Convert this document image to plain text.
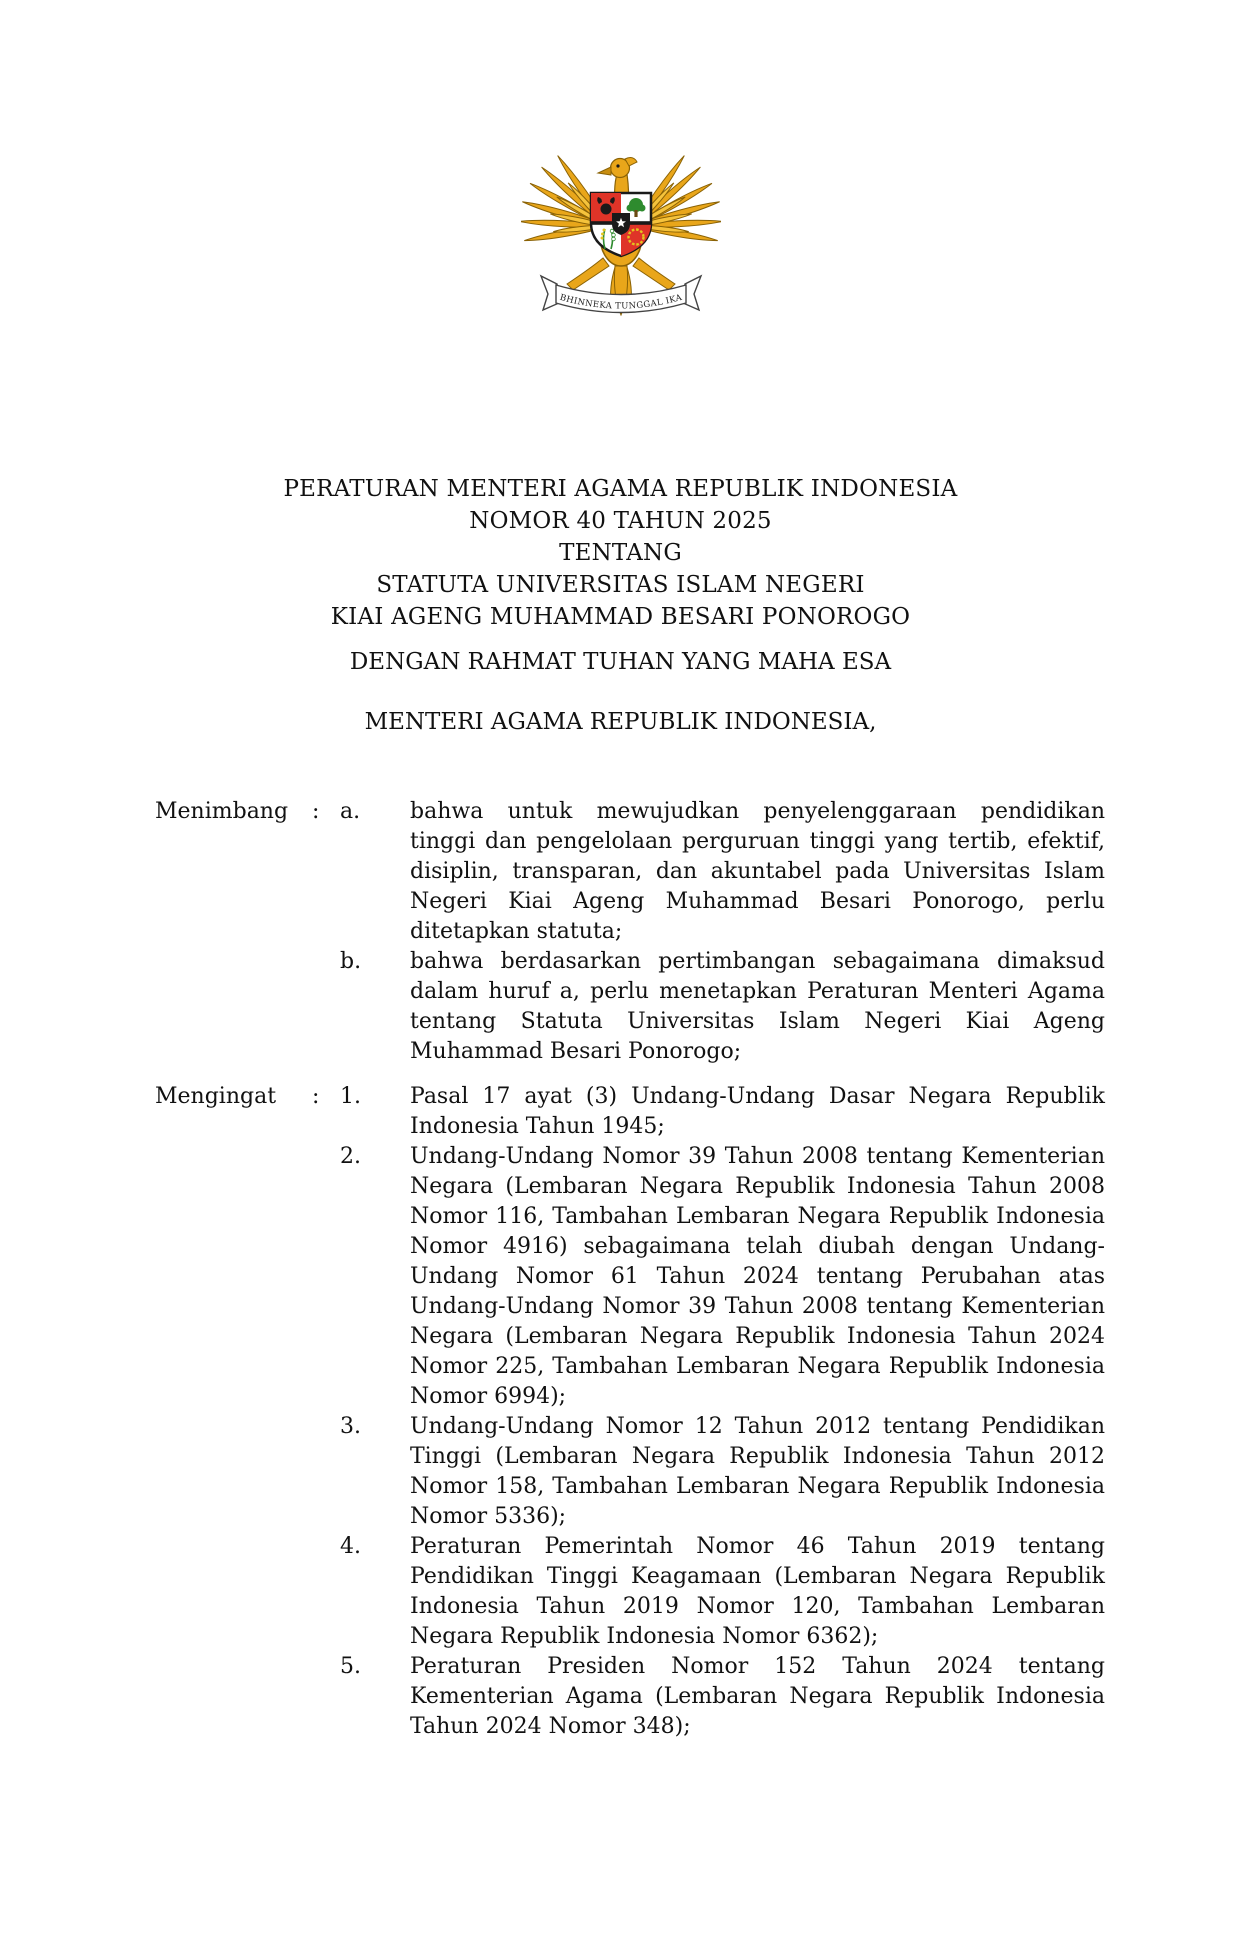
BHINNEKA TUNGGAL IKA
PERATURAN MENTERI AGAMA REPUBLIK INDONESIA
NOMOR 40 TAHUN 2025
TENTANG
STATUTA UNIVERSITAS ISLAM NEGERI
KIAI AGENG MUHAMMAD BESARI PONOROGO
DENGAN RAHMAT TUHAN YANG MAHA ESA
MENTERI AGAMA REPUBLIK INDONESIA,
Menimbang	: a.	bahwa untuk mewujudkan penyelenggaraan pendidikan tinggi dan pengelolaan perguruan tinggi yang tertib, efektif, disiplin, transparan, dan akuntabel pada Universitas Islam Negeri Kiai Ageng Muhammad Besari Ponorogo, perlu ditetapkan statuta;
b.	bahwa berdasarkan pertimbangan sebagaimana dimaksud dalam huruf a, perlu menetapkan Peraturan Menteri Agama tentang Statuta Universitas Islam Negeri Kiai Ageng Muhammad Besari Ponorogo;
Mengingat	: 1.	Pasal 17 ayat (3) Undang-Undang Dasar Negara Republik Indonesia Tahun 1945;
2.	Undang-Undang Nomor 39 Tahun 2008 tentang Kementerian Negara (Lembaran Negara Republik Indonesia Tahun 2008 Nomor 116, Tambahan Lembaran Negara Republik Indonesia Nomor 4916) sebagaimana telah diubah dengan Undang-Undang Nomor 61 Tahun 2024 tentang Perubahan atas Undang-Undang Nomor 39 Tahun 2008 tentang Kementerian Negara (Lembaran Negara Republik Indonesia Tahun 2024 Nomor 225, Tambahan Lembaran Negara Republik Indonesia Nomor 6994);
3.	Undang-Undang Nomor 12 Tahun 2012 tentang Pendidikan Tinggi (Lembaran Negara Republik Indonesia Tahun 2012 Nomor 158, Tambahan Lembaran Negara Republik Indonesia Nomor 5336);
4.	Peraturan Pemerintah Nomor 46 Tahun 2019 tentang Pendidikan Tinggi Keagamaan (Lembaran Negara Republik Indonesia Tahun 2019 Nomor 120, Tambahan Lembaran Negara Republik Indonesia Nomor 6362);
5.	Peraturan Presiden Nomor 152 Tahun 2024 tentang Kementerian Agama (Lembaran Negara Republik Indonesia Tahun 2024 Nomor 348);
